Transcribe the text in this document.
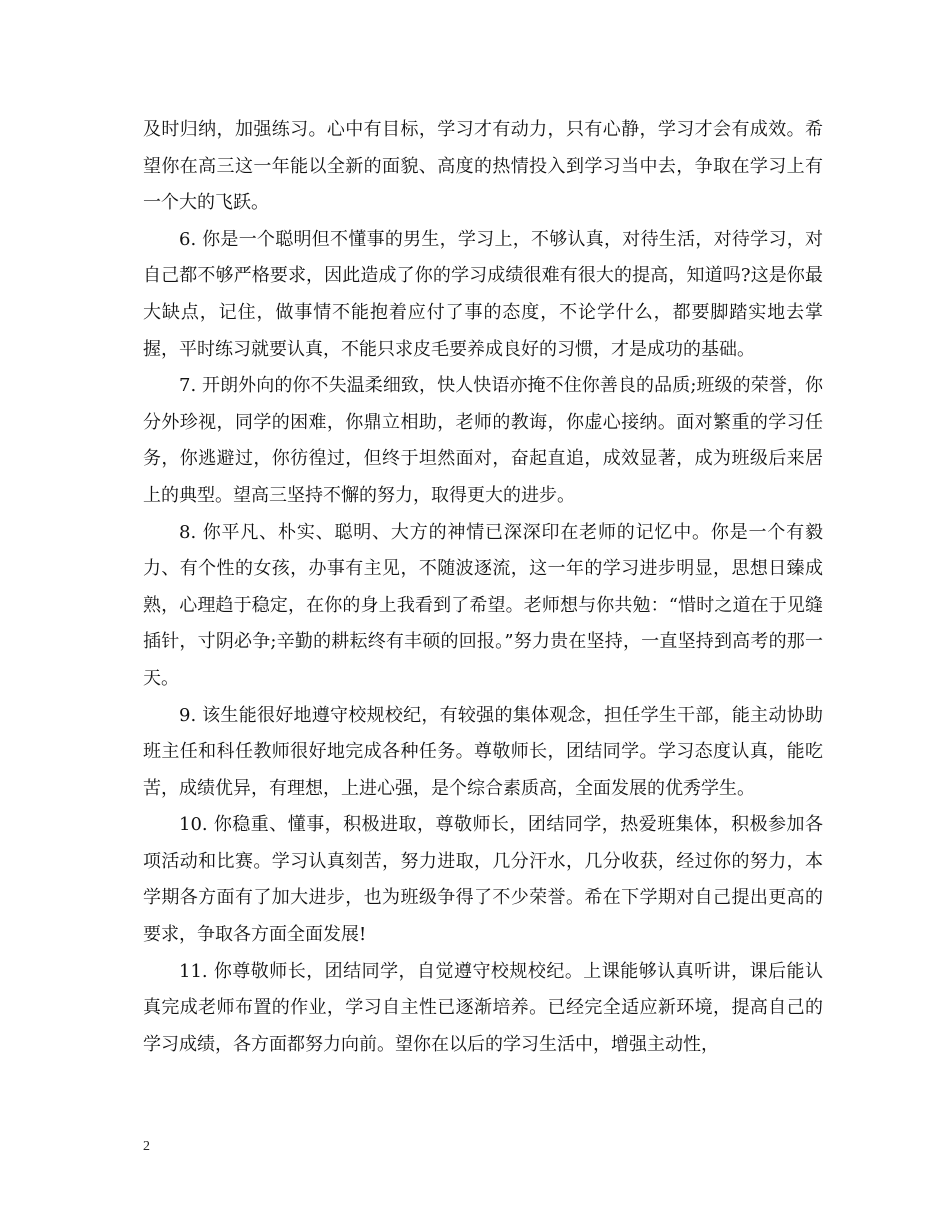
及时归纳，加强练习。心中有目标，学习才有动力，只有心静，学习才会有成效。希望你在高三这一年能以全新的面貌、高度的热情投入到学习当中去，争取在学习上有一个大的飞跃。

6. 你是一个聪明但不懂事的男生，学习上，不够认真，对待生活，对待学习，对自己都不够严格要求，因此造成了你的学习成绩很难有很大的提高，知道吗?这是你最大缺点，记住，做事情不能抱着应付了事的态度，不论学什么，都要脚踏实地去掌握，平时练习就要认真，不能只求皮毛要养成良好的习惯，才是成功的基础。

7. 开朗外向的你不失温柔细致，快人快语亦掩不住你善良的品质;班级的荣誉，你分外珍视，同学的困难，你鼎立相助，老师的教诲，你虚心接纳。面对繁重的学习任务，你逃避过，你彷徨过，但终于坦然面对，奋起直追，成效显著，成为班级后来居上的典型。望高三坚持不懈的努力，取得更大的进步。

8. 你平凡、朴实、聪明、大方的神情已深深印在老师的记忆中。你是一个有毅力、有个性的女孩，办事有主见，不随波逐流，这一年的学习进步明显，思想日臻成熟，心理趋于稳定，在你的身上我看到了希望。老师想与你共勉：“惜时之道在于见缝插针，寸阴必争;辛勤的耕耘终有丰硕的回报。”努力贵在坚持，一直坚持到高考的那一天。

9. 该生能很好地遵守校规校纪，有较强的集体观念，担任学生干部，能主动协助班主任和科任教师很好地完成各种任务。尊敬师长，团结同学。学习态度认真，能吃苦，成绩优异，有理想，上进心强，是个综合素质高，全面发展的优秀学生。

10. 你稳重、懂事，积极进取，尊敬师长，团结同学，热爱班集体，积极参加各项活动和比赛。学习认真刻苦，努力进取，几分汗水，几分收获，经过你的努力，本学期各方面有了加大进步，也为班级争得了不少荣誉。希在下学期对自己提出更高的要求，争取各方面全面发展!

11. 你尊敬师长，团结同学，自觉遵守校规校纪。上课能够认真听讲，课后能认真完成老师布置的作业，学习自主性已逐渐培养。已经完全适应新环境，提高自己的学习成绩，各方面都努力向前。望你在以后的学习生活中，增强主动性，

2
